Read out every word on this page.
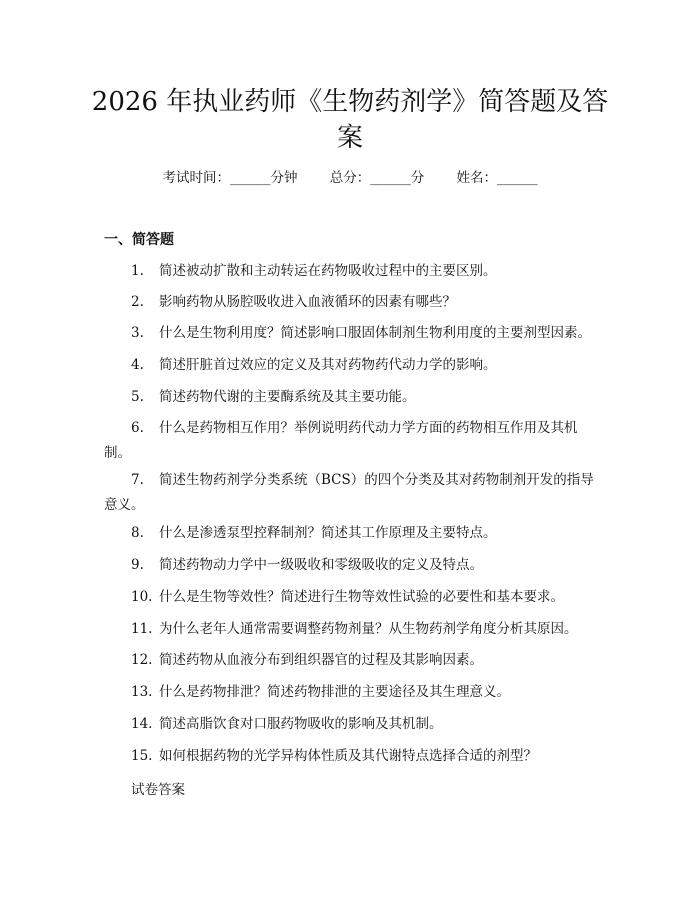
2026 年执业药师《生物药剂学》简答题及答
案
考试时间：______分钟 总分：______分 姓名：______
一、简答题
1. 简述被动扩散和主动转运在药物吸收过程中的主要区别。
2. 影响药物从肠腔吸收进入血液循环的因素有哪些？
3. 什么是生物利用度？简述影响口服固体制剂生物利用度的主要剂型因素。
4. 简述肝脏首过效应的定义及其对药物药代动力学的影响。
5. 简述药物代谢的主要酶系统及其主要功能。
6. 什么是药物相互作用？举例说明药代动力学方面的药物相互作用及其机制。
7. 简述生物药剂学分类系统（BCS）的四个分类及其对药物制剂开发的指导意义。
8. 什么是渗透泵型控释制剂？简述其工作原理及主要特点。
9. 简述药物动力学中一级吸收和零级吸收的定义及特点。
10. 什么是生物等效性？简述进行生物等效性试验的必要性和基本要求。
11. 为什么老年人通常需要调整药物剂量？从生物药剂学角度分析其原因。
12. 简述药物从血液分布到组织器官的过程及其影响因素。
13. 什么是药物排泄？简述药物排泄的主要途径及其生理意义。
14. 简述高脂饮食对口服药物吸收的影响及其机制。
15. 如何根据药物的光学异构体性质及其代谢特点选择合适的剂型？
试卷答案
